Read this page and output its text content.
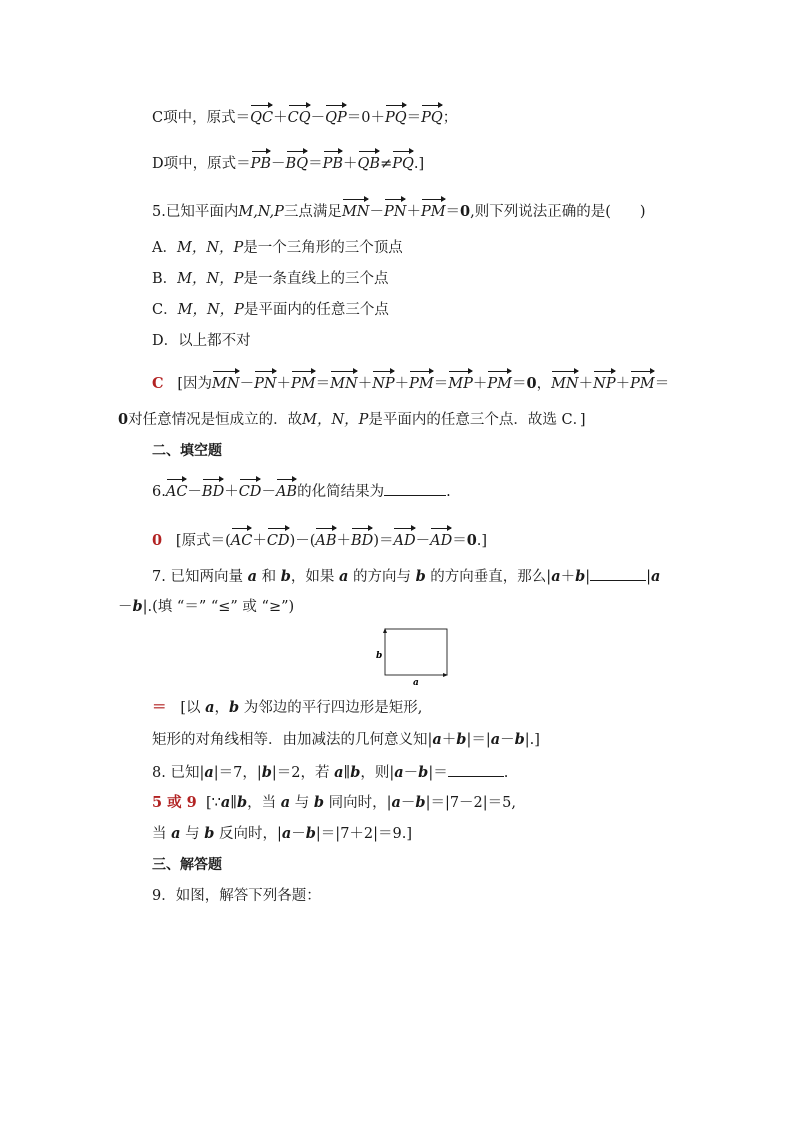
C项中，原式＝QC＋CQ－QP＝0＋PQ＝PQ；
D项中，原式＝PB－BQ＝PB＋QB≠PQ.]
5.已知平面内M,N,P三点满足MN－PN＋PM＝0,则下列说法正确的是(　　)
A．M，N，P是一个三角形的三个顶点
B．M，N，P是一条直线上的三个点
C．M，N，P是平面内的任意三个点
D．以上都不对
C [因为MN－PN＋PM＝MN＋NP＋PM＝MP＋PM＝0，MN＋NP＋PM＝
0对任意情况是恒成立的．故M，N，P是平面内的任意三个点．故选 C．]
二、填空题
6.AC－BD＋CD－AB的化简结果为	.
0 [原式＝(AC＋CD)－(AB＋BD)＝AD－AD＝0.]
7. 已知两向量 a 和 b，如果 a 的方向与 b 的方向垂直，那么|a＋b|	|a
－b|.(填 “＝” “≤” 或 “≥”)
b
a
＝ [以 a，b 为邻边的平行四边形是矩形,
矩形的对角线相等．由加减法的几何意义知|a＋b|＝|a－b|.]
8. 已知|a|＝7，|b|＝2，若 a∥b，则|a－b|＝	.
5 或 9 [∵a∥b，当 a 与 b 同向时，|a－b|＝|7－2|＝5,
当 a 与 b 反向时，|a－b|＝|7＋2|＝9.]
三、解答题
9．如图，解答下列各题：
